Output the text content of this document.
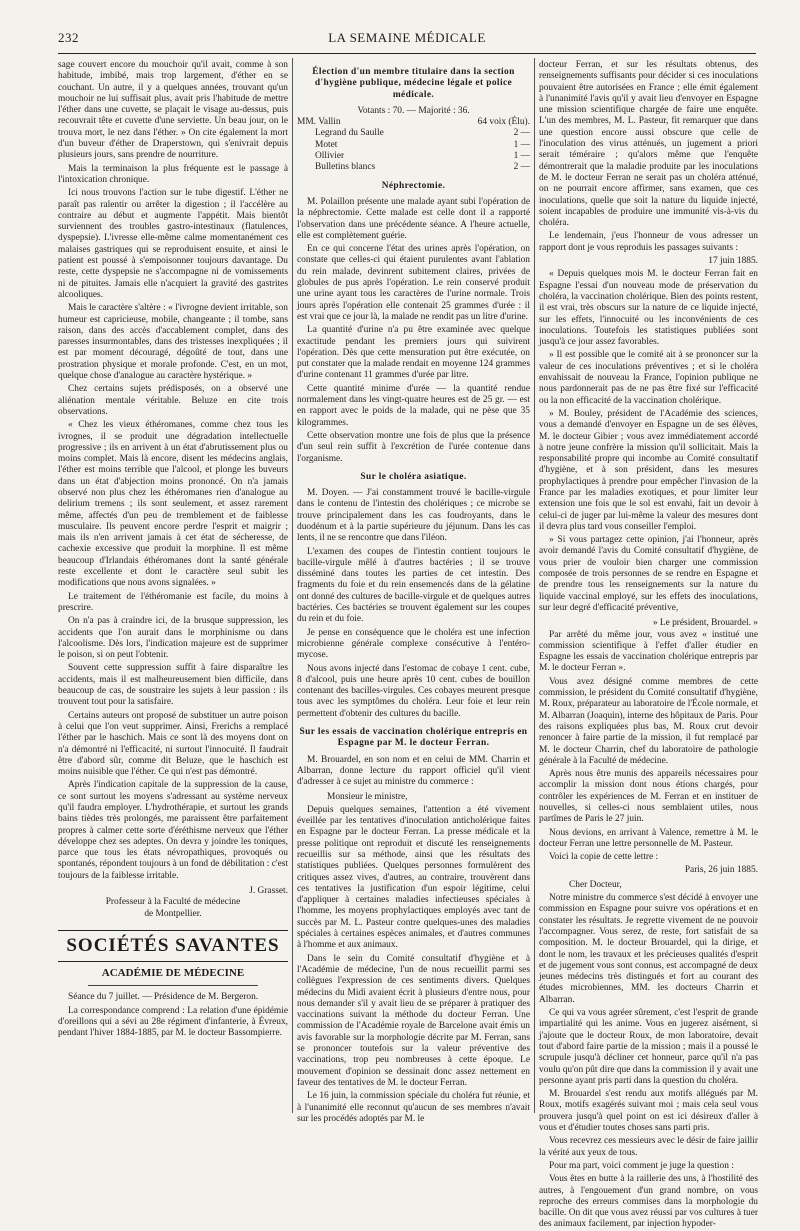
232	LA SEMAINE MÉDICALE

sage couvert encore du mouchoir qu'il avait, comme à son habitude, imbibé, mais trop largement, d'éther en se couchant. Un autre, il y a quelques années, trouvant qu'un mouchoir ne lui suffisait plus, avait pris l'habitude de mettre l'éther dans une cuvette, se plaçait le visage au-dessus, puis recouvrait tête et cuvette d'une serviette. Un beau jour, on le trouva mort, le nez dans l'éther. » On cite également la mort d'un buveur d'éther de Draperstown, qui s'enivrait depuis plusieurs jours, sans prendre de nourriture.

Mais la terminaison la plus fréquente est le passage à l'intoxication chronique.

Ici nous trouvons l'action sur le tube digestif. L'éther ne paraît pas ralentir ou arrêter la digestion ; il l'accélère au contraire au début et augmente l'appétit. Mais bientôt surviennent des troubles gastro-intestinaux (flatulences, dyspepsie). L'ivresse elle-même calme momentanément ces malaises gastriques qui se reproduisent ensuite, et ainsi le patient est poussé à s'empoisonner toujours davantage. Du reste, cette dyspepsie ne s'accompagne ni de vomissements ni de pituites. Jamais elle n'acquiert la gravité des gastrites alcooliques.

Mais le caractère s'altère : « l'ivrogne devient irritable, son humeur est capricieuse, mobile, changeante ; il tombe, sans raison, dans des accès d'accablement complet, dans des paresses insurmontables, dans des tristesses inexpliquées ; il est par moment découragé, dégoûté de tout, dans une prostration physique et morale profonde. C'est, en un mot, quelque chose d'analogue au caractère hystérique. »

Chez certains sujets prédisposés, on a observé une aliénation mentale véritable. Beluze en cite trois observations.

« Chez les vieux éthéromanes, comme chez tous les ivrognes, il se produit une dégradation intellectuelle progressive ; ils en arrivent à un état d'abrutissement plus ou moins complet. Mais là encore, disent les médecins anglais, l'éther est moins terrible que l'alcool, et plonge les buveurs dans un état d'abjection moins prononcé. On n'a jamais observé non plus chez les éthéromanes rien d'analogue au delirium tremens ; ils sont seulement, et assez rarement même, affectés d'un peu de tremblement et de faiblesse musculaire. Ils peuvent encore perdre l'esprit et maigrir ; mais ils n'en arrivent jamais à cet état de sécheresse, de cachexie excessive que produit la morphine. Il est même beaucoup d'Irlandais éthéromanes dont la santé générale reste excellente et dont le caractère seul subit les modifications que nous avons signalées. »

Le traitement de l'éthéromanie est facile, du moins à prescrire.

On n'a pas à craindre ici, de la brusque suppression, les accidents que l'on aurait dans le morphinisme ou dans l'alcoolisme. Dès lors, l'indication majeure est de supprimer le poison, si on peut l'obtenir.

Souvent cette suppression suffit à faire disparaître les accidents, mais il est malheureusement bien difficile, dans beaucoup de cas, de soustraire les sujets à leur passion : ils trouvent tout pour la satisfaire.

Certains auteurs ont proposé de substituer un autre poison à celui que l'on veut supprimer. Ainsi, Frerichs a remplacé l'éther par le haschich. Mais ce sont là des moyens dont on n'a démontré ni l'efficacité, ni surtout l'innocuité. Il faudrait être d'abord sûr, comme dit Beluze, que le haschich est moins nuisible que l'éther. Ce qui n'est pas démontré.

Après l'indication capitale de la suppression de la cause, ce sont surtout les moyens s'adressant au système nerveux qu'il faudra employer. L'hydrothérapie, et surtout les grands bains tièdes très prolongés, me paraissent être parfaitement propres à calmer cette sorte d'éréthisme nerveux que l'éther développe chez ses adeptes. On devra y joindre les toniques, parce que tous les états névropathiques, provoqués ou spontanés, répondent toujours à un fond de débilitation : c'est toujours de la faiblesse irritable.

J. Grasset.

Professeur à la Faculté de médecine

de Montpellier.

SOCIÉTÉS SAVANTES
ACADÉMIE DE MÉDECINE

Séance du 7 juillet. — Présidence de M. Bergeron.

La correspondance comprend : La relation d'une épidémie d'oreillons qui a sévi au 28e régiment d'infanterie, à Évreux, pendant l'hiver 1884-1885, par M. le docteur Bassompierre.

Élection d'un membre titulaire dans la section d'hygiène publique, médecine légale et police médicale.

Votants : 70. — Majorité : 36.

MM. Vallin	64 voix (Élu).
Legrand du Saulle	2 —
Motet	1 —
Ollivier	1 —
Bulletins blancs	2 —

Néphrectomie.

M. Polaillon présente une malade ayant subi l'opération de la néphrectomie. Cette malade est celle dont il a rapporté l'observation dans une précédente séance. A l'heure actuelle, elle est complètement guérie.

En ce qui concerne l'état des urines après l'opération, on constate que celles-ci qui étaient purulentes avant l'ablation du rein malade, devinrent subitement claires, privées de globules de pus après l'opération. Le rein conservé produit une urine ayant tous les caractères de l'urine normale. Trois jours après l'opération elle contenait 25 grammes d'urée : il est vrai que ce jour là, la malade ne rendit pas un litre d'urine.

La quantité d'urine n'a pu être examinée avec quelque exactitude pendant les premiers jours qui suivirent l'opération. Dès que cette mensuration put être exécutée, on put constater que la malade rendait en moyenne 124 grammes d'urine contenant 11 grammes d'urée par litre.

Cette quantité minime d'urée — la quantité rendue normalement dans les vingt-quatre heures est de 25 gr. — est en rapport avec le poids de la malade, qui ne pèse que 35 kilogrammes.

Cette observation montre une fois de plus que la présence d'un seul rein suffit à l'excrétion de l'urée contenue dans l'organisme.

Sur le choléra asiatique.

M. Doyen. — J'ai constamment trouvé le bacille-virgule dans le contenu de l'intestin des cholériques ; ce microbe se trouve principalement dans les cas foudroyants, dans le duodénum et à la partie supérieure du jéjunum. Dans les cas lents, il ne se rencontre que dans l'iléon.

L'examen des coupes de l'intestin contient toujours le bacille-virgule mêlé à d'autres bactéries ; il se trouve disséminé dans toutes les parties de cet intestin. Des fragments du foie et du rein ensemencés dans de la gélatine ont donné des cultures de bacille-virgule et de quelques autres bactéries. Ces bactéries se trouvent également sur les coupes du rein et du foie.

Je pense en conséquence que le choléra est une infection microbienne générale complexe consécutive à l'entéro-mycose.

Nous avons injecté dans l'estomac de cobaye 1 cent. cube, 8 d'alcool, puis une heure après 10 cent. cubes de bouillon contenant des bacilles-virgules. Ces cobayes meurent presque tous avec les symptômes du choléra. Leur foie et leur rein permettent d'obtenir des cultures du bacille.

Sur les essais de vaccination cholérique entrepris en Espagne par M. le docteur Ferran.

M. Brouardel, en son nom et en celui de MM. Charrin et Albarran, donne lecture du rapport officiel qu'il vient d'adresser à ce sujet au ministre du commerce :

Monsieur le ministre,

Depuis quelques semaines, l'attention a été vivement éveillée par les tentatives d'inoculation anticholérique faites en Espagne par le docteur Ferran. La presse médicale et la presse politique ont reproduit et discuté les renseignements recueillis sur sa méthode, ainsi que les résultats des statistiques publiées. Quelques personnes formulèrent des critiques assez vives, d'autres, au contraire, trouvèrent dans ces tentatives la justification d'un espoir légitime, celui d'appliquer à certaines maladies infectieuses spéciales à l'homme, les moyens prophylactiques employés avec tant de succès par M. L. Pasteur contre quelques-unes des maladies spéciales à certaines espèces animales, et d'autres communes à l'homme et aux animaux.

Dans le sein du Comité consultatif d'hygiène et à l'Académie de médecine, l'un de nous recueillit parmi ses collègues l'expression de ces sentiments divers. Quelques médecins du Midi avaient écrit à plusieurs d'entre nous, pour nous demander s'il y avait lieu de se préparer à pratiquer des vaccinations suivant la méthode du docteur Ferran. Une commission de l'Académie royale de Barcelone avait émis un avis favorable sur la morphologie décrite par M. Ferran, sans se prononcer toutefois sur la valeur préventive des vaccinations, trop peu nombreuses à cette époque. Le mouvement d'opinion se dessinait donc assez nettement en faveur des tentatives de M. le docteur Ferran.

Le 16 juin, la commission spéciale du choléra fut réunie, et à l'unanimité elle reconnut qu'aucun de ses membres n'avait sur les procédés adoptés par M. le

docteur Ferran, et sur les résultats obtenus, des renseignements suffisants pour décider si ces inoculations pouvaient être autorisées en France ; elle émit également à l'unanimité l'avis qu'il y avait lieu d'envoyer en Espagne une mission scientifique chargée de faire une enquête. L'un des membres, M. L. Pasteur, fit remarquer que dans une question encore aussi obscure que celle de l'inoculation des virus atténués, un jugement a priori serait téméraire ; qu'alors même que l'enquête démontrerait que la maladie produite par les inoculations de M. le docteur Ferran ne serait pas un choléra atténué, on ne pourrait encore affirmer, sans examen, que ces inoculations, quelle que soit la nature du liquide injecté, soient incapables de produire une immunité vis-à-vis du choléra.

Le lendemain, j'eus l'honneur de vous adresser un rapport dont je vous reproduis les passages suivants :

17 juin 1885.

« Depuis quelques mois M. le docteur Ferran fait en Espagne l'essai d'un nouveau mode de préservation du choléra, la vaccination cholérique. Bien des points restent, il est vrai, très obscurs sur la nature de ce liquide injecté, sur les effets, l'innocuité ou les inconvénients de ces inoculations. Toutefois les statistiques publiées sont jusqu'à ce jour assez favorables.

» Il est possible que le comité ait à se prononcer sur la valeur de ces inoculations préventives ; et si le choléra envahissait de nouveau la France, l'opinion publique ne nous pardonnerait pas de ne pas être fixé sur l'efficacité ou la non efficacité de la vaccination cholérique.

» M. Bouley, président de l'Académie des sciences, vous a demandé d'envoyer en Espagne un de ses élèves, M. le docteur Gibier ; vous avez immédiatement accordé à notre jeune confrère la mission qu'il sollicitait. Mais la responsabilité propre qui incombe au Comité consultatif d'hygiène, et à son président, dans les mesures prophylactiques à prendre pour empêcher l'invasion de la France par les maladies exotiques, et pour limiter leur extension une fois que le sol est envahi, fait un devoir à celui-ci de juger par lui-même la valeur des mesures dont il devra plus tard vous conseiller l'emploi.

» Si vous partagez cette opinion, j'ai l'honneur, après avoir demandé l'avis du Comité consultatif d'hygiène, de vous prier de vouloir bien charger une commission composée de trois personnes de se rendre en Espagne et de prendre tous les renseignements sur la nature du liquide vaccinal employé, sur les effets des inoculations, sur leur degré d'efficacité préventive,

» Le président, Brouardel. »

Par arrêté du même jour, vous avez « institué une commission scientifique à l'effet d'aller étudier en Espagne les essais de vaccination cholérique entrepris par M. le docteur Ferran ».

Vous avez désigné comme membres de cette commission, le président du Comité consultatif d'hygiène, M. Roux, préparateur au laboratoire de l'École normale, et M. Albarran (Joaquin), interne des hôpitaux de Paris. Pour des raisons expliquées plus bas, M. Roux crut devoir renoncer à faire partie de la mission, il fut remplacé par M. le docteur Charrin, chef du laboratoire de pathologie générale à la Faculté de médecine.

Après nous être munis des appareils nécessaires pour accomplir la mission dont nous étions chargés, pour contrôler les expériences de M. Ferran et en instituer de nouvelles, si celles-ci nous semblaient utiles, nous partîmes de Paris le 27 juin.

Nous devions, en arrivant à Valence, remettre à M. le docteur Ferran une lettre personnelle de M. Pasteur.

Voici la copie de cette lettre :

Paris, 26 juin 1885.

Cher Docteur,

Notre ministre du commerce s'est décidé à envoyer une commission en Espagne pour suivre vos opérations et en constater les résultats. Je regrette vivement de ne pouvoir l'accompagner. Vous serez, de reste, fort satisfait de sa composition. M. le docteur Brouardel, qui la dirige, et dont le nom, les travaux et les précieuses qualités d'esprit et de jugement vous sont connus, est accompagné de deux jeunes médecins très distingués et fort au courant des études microbiennes, MM. les docteurs Charrin et Albarran.

Ce qui va vous agréer sûrement, c'est l'esprit de grande impartialité qui les anime. Vous en jugerez aisément, si j'ajoute que le docteur Roux, de mon laboratoire, devait tout d'abord faire partie de la mission ; mais il a poussé le scrupule jusqu'à décliner cet honneur, parce qu'il n'a pas voulu qu'on pût dire que dans la commission il y avait une personne ayant pris parti dans la question du choléra.

M. Brouardel s'est rendu aux motifs allégués par M. Roux, motifs exagérés suivant moi ; mais cela seul vous prouvera jusqu'à quel point on est ici désireux d'aller à vous et d'étudier toutes choses sans parti pris.

Vous recevrez ces messieurs avec le désir de faire jaillir la vérité aux yeux de tous.

Pour ma part, voici comment je juge la question :

Vous êtes en butte à la raillerie des uns, à l'hostilité des autres, à l'engouement d'un grand nombre, on vous reproche des erreurs commises dans la morphologie du bacille. On dit que vous avez réussi par vos cultures à tuer des animaux facilement, par injection hypoder-
